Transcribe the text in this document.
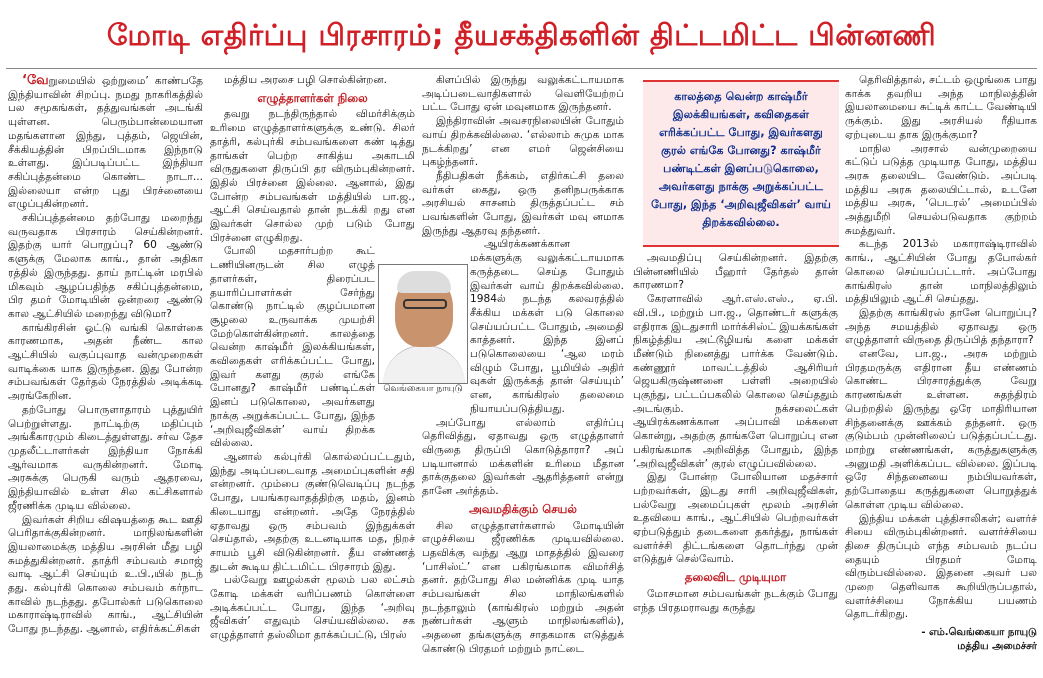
மோடி எதிர்ப்பு பிரசாரம்; தீயசக்திகளின் திட்டமிட்ட பின்னணி

‘வேறுமையில் ஒற்றுமை’ காண்பதே இந்தியாவின் சிறப்பு. நமது நாகரிகத்தில் பல சமூகங்கள், தத்துவங்கள் அடங்கி யுள்ளன. பெரும்பான்மையான மதங்களான இந்து, புத்தம், ஜெயின், சீக்கியத்தின் பிறப்பிடமாக இந்நாடு உள்ளது. இப்படிப்பட்ட இந்தியா சகிப்புத்தன்மை கொண்ட நாடா... இல்லையா என்ற புது பிரச்னையை எழுப்புகின்றனர்.

சகிப்புத்தன்மை தற்போது மறைந்து வருவதாக பிரசாரம் செய்கின்றனர். இதற்கு யார் பொறுப்பு? 60 ஆண்டு களுக்கு மேலாக காங்., தான் அதிகா ரத்தில் இருந்தது. தாய் நாட்டின் மரபில் மிகவும் ஆழப்பதிந்த சகிப்புத்தன்மை, பிர தமர் மோடியின் ஒன்றரை ஆண்டு கால ஆட்சியில் மறைந்து விடுமா?

காங்கிரசின் ஓட்டு வங்கி கொள்கை காரணமாக, அதன் நீண்ட கால ஆட்சியில் வகுப்புவாத வன்முறைகள் வாடிக்கை யாக இருந்தன. இது போன்ற சம்பவங்கள் தேர்தல் நேரத்தில் அடிக்கடி அரங்கேறின.

தற்போது பொருளாதாரம் புத்துயிர் பெற்றுள்ளது. நாட்டிற்கு மதிப்பும் அங்கீகாரமும் கிடைத்துள்ளது. சர்வ தேச முதலீட்டாளர்கள் இந்தியா நோக்கி ஆர்வமாக வருகின்றனர். மோடி அரசுக்கு பெருகி வரும் ஆதரவை, இந்தியாவில் உள்ள சில கட்சிகளால் ஜீரணிக்க முடிய வில்லை.

இவர்கள் சிறிய விஷயத்தை கூட ஊதி பெரிதாக்குகின்றனர். மாநிலங்களின் இயலாமைக்கு மத்திய அரசின் மீது பழி சுமத்துகின்றனர். தாத்ரி சம்பவம் சமாஜ் வாடி ஆட்சி செய்யும் உ.பி.,யில் நடந் தது. கல்புர்கி கொலை சம்பவம் கர்நாட காவில் நடந்தது. தபோல்கர் படுகொலை மகாராஷ்டிராவில் காங்., ஆட்சியின் போது நடந்தது. ஆனால், எதிர்க்கட்சிகள்

மத்திய அரசை பழி சொல்கின்றன.

எழுத்தாளர்கள் நிலை

தவறு நடந்திருந்தால் விமர்சிக்கும் உரிமை எழுத்தாளர்களுக்கு உண்டு. சிலர் தாத்ரி, கல்புர்கி சம்பவங்களை கண் டித்து தாங்கள் பெற்ற சாகித்ய அகாடமி விருதுகளை திருப்பி தர விரும்புகின்றனர். இதில் பிரச்னை இல்லை. ஆனால், இது போன்ற சம்பவங்கள் மத்தியில் பா.ஜ., ஆட்சி செய்வதால் தான் நடக்கி றது என இவர்கள் சொல்ல முற் படும் போது பிரச்னை எழுகிறது.

போலி மதசார்பற்ற கூட் டணியினருடன் சில எழுத் தாளர்கள், திரைப்பட தயாரிப்பாளர்கள் சேர்ந்து கொண்டு நாட்டில் குழப்பமான சூழலை உருவாக்க முயற்சி மேற்கொள்கின்றனர். காலத்தை வென்ற காஷ்மீர் இலக்கியங்கள், கவிதைகள் எரிக்கப்பட்ட போது, இவர் களது குரல் எங்கே போனது? காஷ்மீர் பண்டிட்கள் இனப் படுகொலை, அவர்களது நாக்கு அறுக்கப்பட்ட போது, இந்த ‘அறிவுஜீவிகள்’ வாய் திறக்க வில்லை.

ஆனால் கல்புர்கி கொல்லப்பட்டதும், இந்து அடிப்படைவாத அமைப்புகளின் சதி என்றனர். மும்பை குண்டுவெடிப்பு நடந்த போது, பயங்கரவாதத்திற்கு மதம், இனம் கிடையாது என்றனர். அதே நேரத்தில் ஏதாவது ஒரு சம்பவம் இந்துக்கள் செய்தால், அதற்கு உடனடியாக மத, நிறச் சாயம் பூசி விடுகின்றனர். தீய எண்ணத் துடன் கூடிய திட்டமிட்ட பிரசாரம் இது.

பல்வேறு ஊழல்கள் மூலம் பல லட்சம் கோடி மக்கள் வரிப்பணம் கொள்ளை அடிக்கப்பட்ட போது, இந்த ‘அறிவு ஜீவிகள்’ எதுவும் செய்யவில்லை. சக எழுத்தாளர் தஸ்லிமா தாக்கப்பட்டு, பிரஸ்

கிளப்பில் இருந்து வலுக்கட்டாயமாக அடிப்படைவாதிகளால் வெளியேற்றப் பட்ட போது ஏன் மவுனமாக இருந்தனர்.

இந்திராவின் அவசரநிலையின் போதும் வாய் திறக்கவில்லை. ‘எல்லாம் சுமுக மாக நடக்கிறது’ என எமர் ஜென்சியை புகழ்ந்தனர்.

நீதிபதிகள் நீக்கம், எதிர்கட்சி தலை வர்கள் கைது, ஒரு தனிநபருக்காக அரசியல் சாசனம் திருத்தப்பட்ட சம் பவங்களின் போது, இவர்கள் மவு னமாக இருந்து ஆதரவு தந்தனர்.

ஆயிரக்கணக்கான மக்களுக்கு வலுக்கட்டாயமாக கருத்தடை செய்த போதும் இவர்கள் வாய் திறக்கவில்லை. 1984ல் நடந்த கலவரத்தில் சீக்கிய மக்கள் படு கொலை செய்யப்பட்ட போதும், அமைதி காத்தனர். இந்த இனப் படுகொலையை ‘ஆல மரம் விழும் போது, பூமியில் அதிர் வுகள் இருக்கத் தான் செய்யும்’ என, காங்கிரஸ் தலைமை நியாயப்படுத்தியது.

அப்போது எல்லாம் எதிர்ப்பு தெரிவித்து, ஏதாவது ஒரு எழுத்தாளர் விருதை திருப்பி கொடுத்தாரா? அப் படியானால் மக்களின் உரிமை மீதான தாக்குதலை இவர்கள் ஆதரித்தனர் என்று தானே அர்த்தம்.

அவமதிக்கும் செயல்

சில எழுத்தாளர்களால் மோடியின் எழுச்சியை ஜீரணிக்க முடியவில்லை. பதவிக்கு வந்து ஆறு மாதத்தில் இவரை ‘பாசிஸ்ட்’ என பகிரங்கமாக விமர்சித் தனர். தற்போது சில மன்னிக்க முடி யாத சம்பவங்கள் சில மாநிலங்களில் நடந்தாலும் (காங்கிரஸ் மற்றும் அதன் நண்பர்கள் ஆளும் மாநிலங்களில்), அதனை தங்களுக்கு சாதகமாக எடுத்துக் கொண்டு பிரதமர் மற்றும் நாட்டை

வெங்கையா நாயுடு
காலத்தை வென்ற காஷ்மீர் இலக்கியங்கள், கவிதைகள் எரிக்கப்பட்ட போது, இவர்களது குரல் எங்கே போனது? காஷ்மீர் பண்டிட்கள் இனப்படுகொலை, அவர்களது நாக்கு அறுக்கப்பட்ட போது, இந்த ‘அறிவுஜீவிகள்’ வாய் திறக்கவில்லை.

அவமதிப்பு செய்கின்றனர். இதற்கு பின்னணியில் பீஹார் தேர்தல் தான் காரணமா?

கேரளாவில் ஆர்.எஸ்.எஸ்., ஏ.பி. வி.பி., மற்றும் பா.ஜ., தொண்டர் களுக்கு எதிராக இடதுசாரி மார்க்சிஸ்ட் இயக்கங்கள் நிகழ்த்திய அட்டூழியங் களை மக்கள் மீண்டும் நினைத்து பார்க்க வேண்டும். கண்ணூர் மாவட்டத்தில் ஆசிரியர் ஜெயகிருஷ்ணனை பள்ளி அறையில் புகுந்து, பட்டப்பகலில் கொலை செய்ததும் அடங்கும். நக்சலைட்கள் ஆயிரக்கணக்கான அப்பாவி மக்களை கொன்று, அதற்கு தாங்களே பொறுப்பு என பகிரங்கமாக அறிவித்த போதும், இந்த ‘அறிவுஜீவிகள்’ குரல் எழுப்பவில்லை.

இது போன்ற போலியான மதச்சார் பற்றவர்கள், இடது சாரி அறிவுஜீவிகள், பல்வேறு அமைப்புகள் மூலம் அரசின் உதவியை காங்., ஆட்சியில் பெற்றவர்கள் ஏற்படுத்தும் தடைகளை தகர்த்து, நாங்கள் வளர்ச்சி திட்டங்களை தொடர்ந்து முன் எடுத்துச் செல்வோம்.

தலைவிட முடியுமா

மோசமான சம்பவங்கள் நடக்கும் போது எந்த பிரதமராவது கருத்து

தெரிவித்தால், சட்டம் ஒழுங்கை பாது காக்க தவறிய அந்த மாநிலத்தின் இயலாமையை சுட்டிக் காட்ட வேண்டியி ருக்கும். இது அரசியல் ரீதியாக ஏற்புடைய தாக இருக்குமா?

மாநில அரசால் வன்முறையை கட்டுப் படுத்த முடியாத போது, மத்திய அரசு தலையிட வேண்டும். அப்படி மத்திய அரசு தலையிட்டால், உடனே மத்திய அரசு, ‘பெடரல்’ அமைப்பில் அத்துமீறி செயல்படுவதாக குற்றம் சுமத்துவர்.

கடந்த 2013ல் மகாராஷ்டிராவில் காங்., ஆட்சியின் போது தபோல்கர் கொலை செய்யப்பட்டார். அப்போது காங்கிரஸ் தான் மாநிலத்திலும் மத்தியிலும் ஆட்சி செய்தது.

இதற்கு காங்கிரஸ் தானே பொறுப்பு? அந்த சமயத்தில் ஏதாவது ஒரு எழுத்தாளர் விருதை திருப்பித் தந்தாரா?

எனவே, பா.ஜ., அரசு மற்றும் பிரதமருக்கு எதிரான தீய எண்ணம் கொண்ட பிரசாரத்துக்கு வேறு காரணங்கள் உள்ளன. சுதந்திரம் பெற்றதில் இருந்து ஒரே மாதிரியான சிந்தனைக்கு ஊக்கம் தந்தனர். ஒரு குடும்பம் முன்னிலைப் படுத்தப்பட்டது. மாற்று எண்ணங்கள், கருத்துகளுக்கு அனுமதி அளிக்கப்பட வில்லை. இப்படி ஒரே சிந்தனையை நம்பியவர்கள், தற்போதைய கருத்துகளை பொறுத்துக் கொள்ள முடிய வில்லை.

இந்திய மக்கள் புத்திசாலிகள்; வளர்ச் சியை விரும்புகின்றனர். வளர்ச்சியை திசை திருப்பும் எந்த சம்பவம் நடப்ப தையும் பிரதமர் மோடி விரும்பவில்லை. இதனை அவர் பல முறை தெளிவாக கூறியிருப்பதால், வளர்ச்சியை நோக்கிய பயணம் தொடர்கிறது.

- எம்.வெங்கையா நாயுடு
மத்திய அமைச்சர்
